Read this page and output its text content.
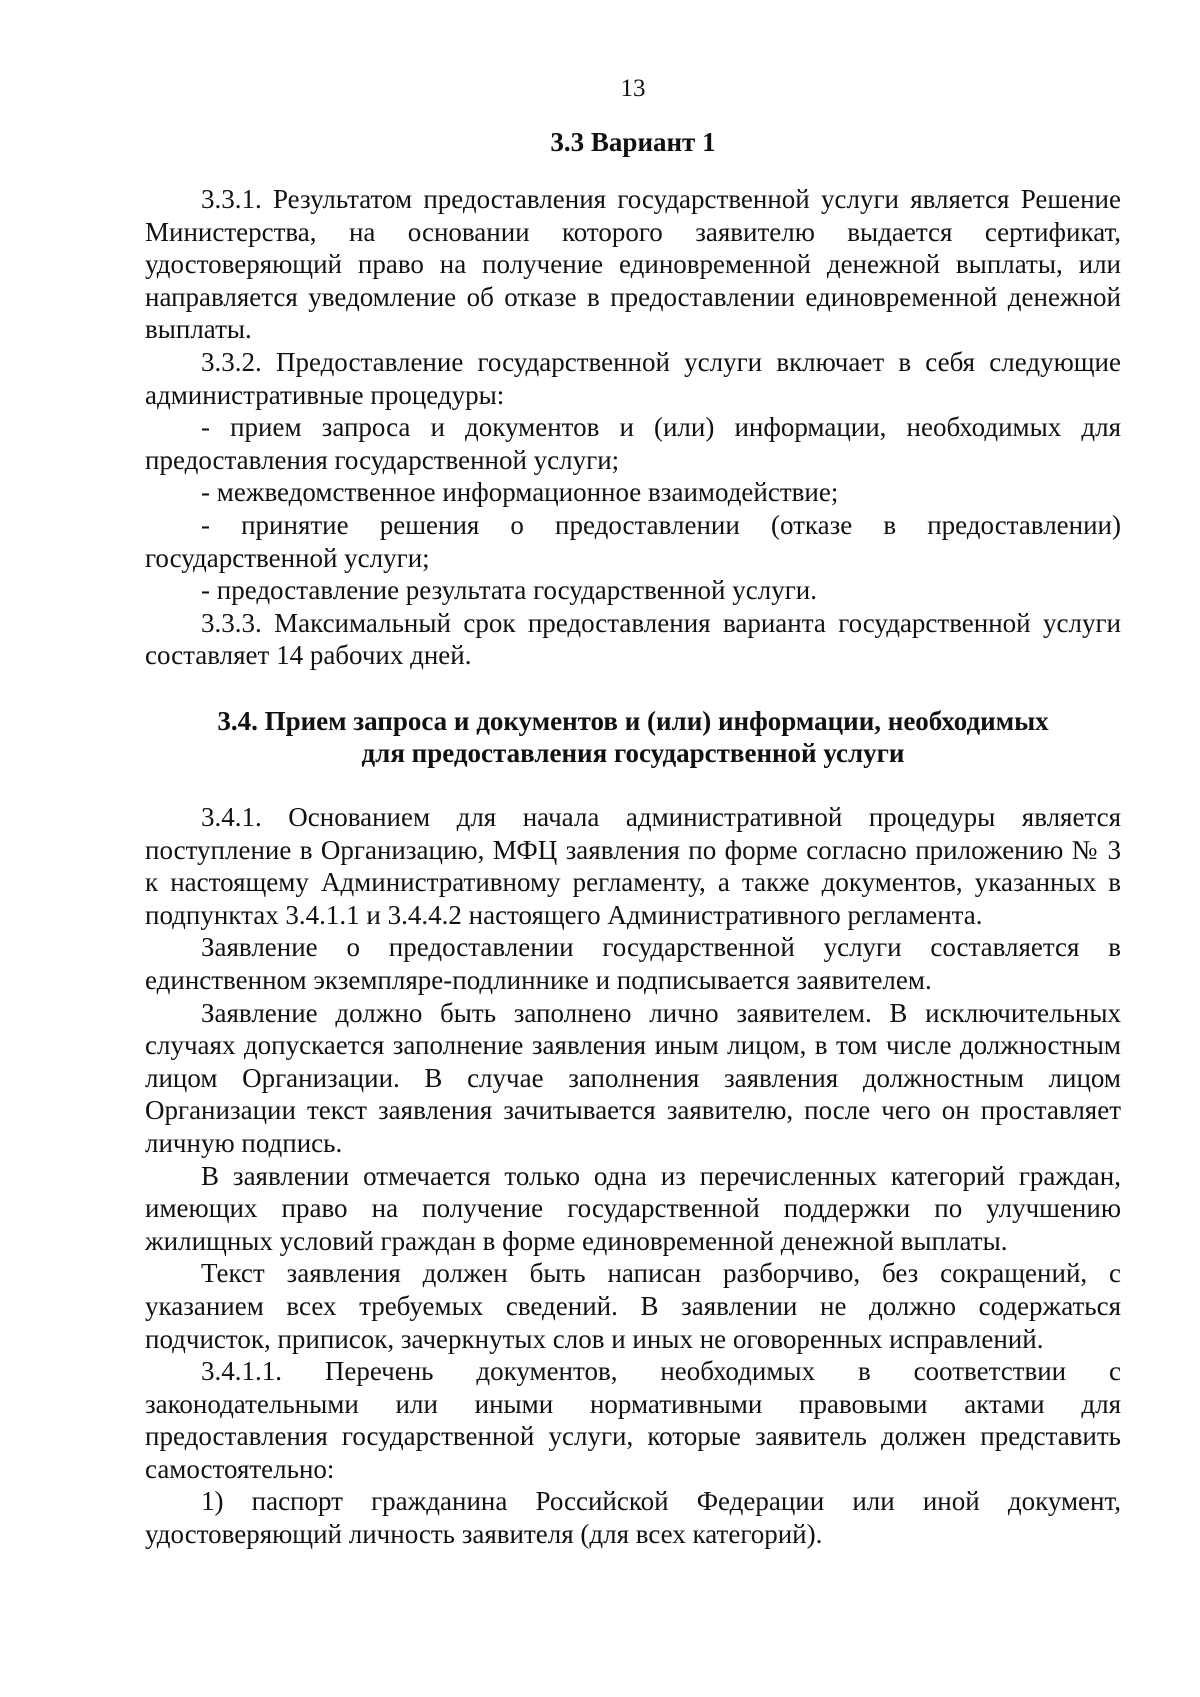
13
3.3 Вариант 1

3.3.1. Результатом предоставления государственной услуги является Решение Министерства, на основании которого заявителю выдается сертификат, удостоверяющий право на получение единовременной денежной выплаты, или направляется уведомление об отказе в предоставлении единовременной денежной выплаты.

3.3.2. Предоставление государственной услуги включает в себя следующие административные процедуры:

- прием запроса и документов и (или) информации, необходимых для предоставления государственной услуги;

- межведомственное информационное взаимодействие;

- принятие решения о предоставлении (отказе в предоставлении) государственной услуги;

- предоставление результата государственной услуги.

3.3.3. Максимальный срок предоставления варианта государственной услуги составляет 14 рабочих дней.

3.4. Прием запроса и документов и (или) информации, необходимых
для предоставления государственной услуги

3.4.1. Основанием для начала административной процедуры является поступление в Организацию, МФЦ заявления по форме согласно приложению № 3 к настоящему Административному регламенту, а также документов, указанных в подпунктах 3.4.1.1 и 3.4.4.2 настоящего Административного регламента.

Заявление о предоставлении государственной услуги составляется в единственном экземпляре-подлиннике и подписывается заявителем.

Заявление должно быть заполнено лично заявителем. В исключительных случаях допускается заполнение заявления иным лицом, в том числе должностным лицом Организации. В случае заполнения заявления должностным лицом Организации текст заявления зачитывается заявителю, после чего он проставляет личную подпись.

В заявлении отмечается только одна из перечисленных категорий граждан, имеющих право на получение государственной поддержки по улучшению жилищных условий граждан в форме единовременной денежной выплаты.

Текст заявления должен быть написан разборчиво, без сокращений, с указанием всех требуемых сведений. В заявлении не должно содержаться подчисток, приписок, зачеркнутых слов и иных не оговоренных исправлений.

3.4.1.1. Перечень документов, необходимых в соответствии с законодательными или иными нормативными правовыми актами для предоставления государственной услуги, которые заявитель должен представить самостоятельно:

1) паспорт гражданина Российской Федерации или иной документ, удостоверяющий личность заявителя (для всех категорий).
